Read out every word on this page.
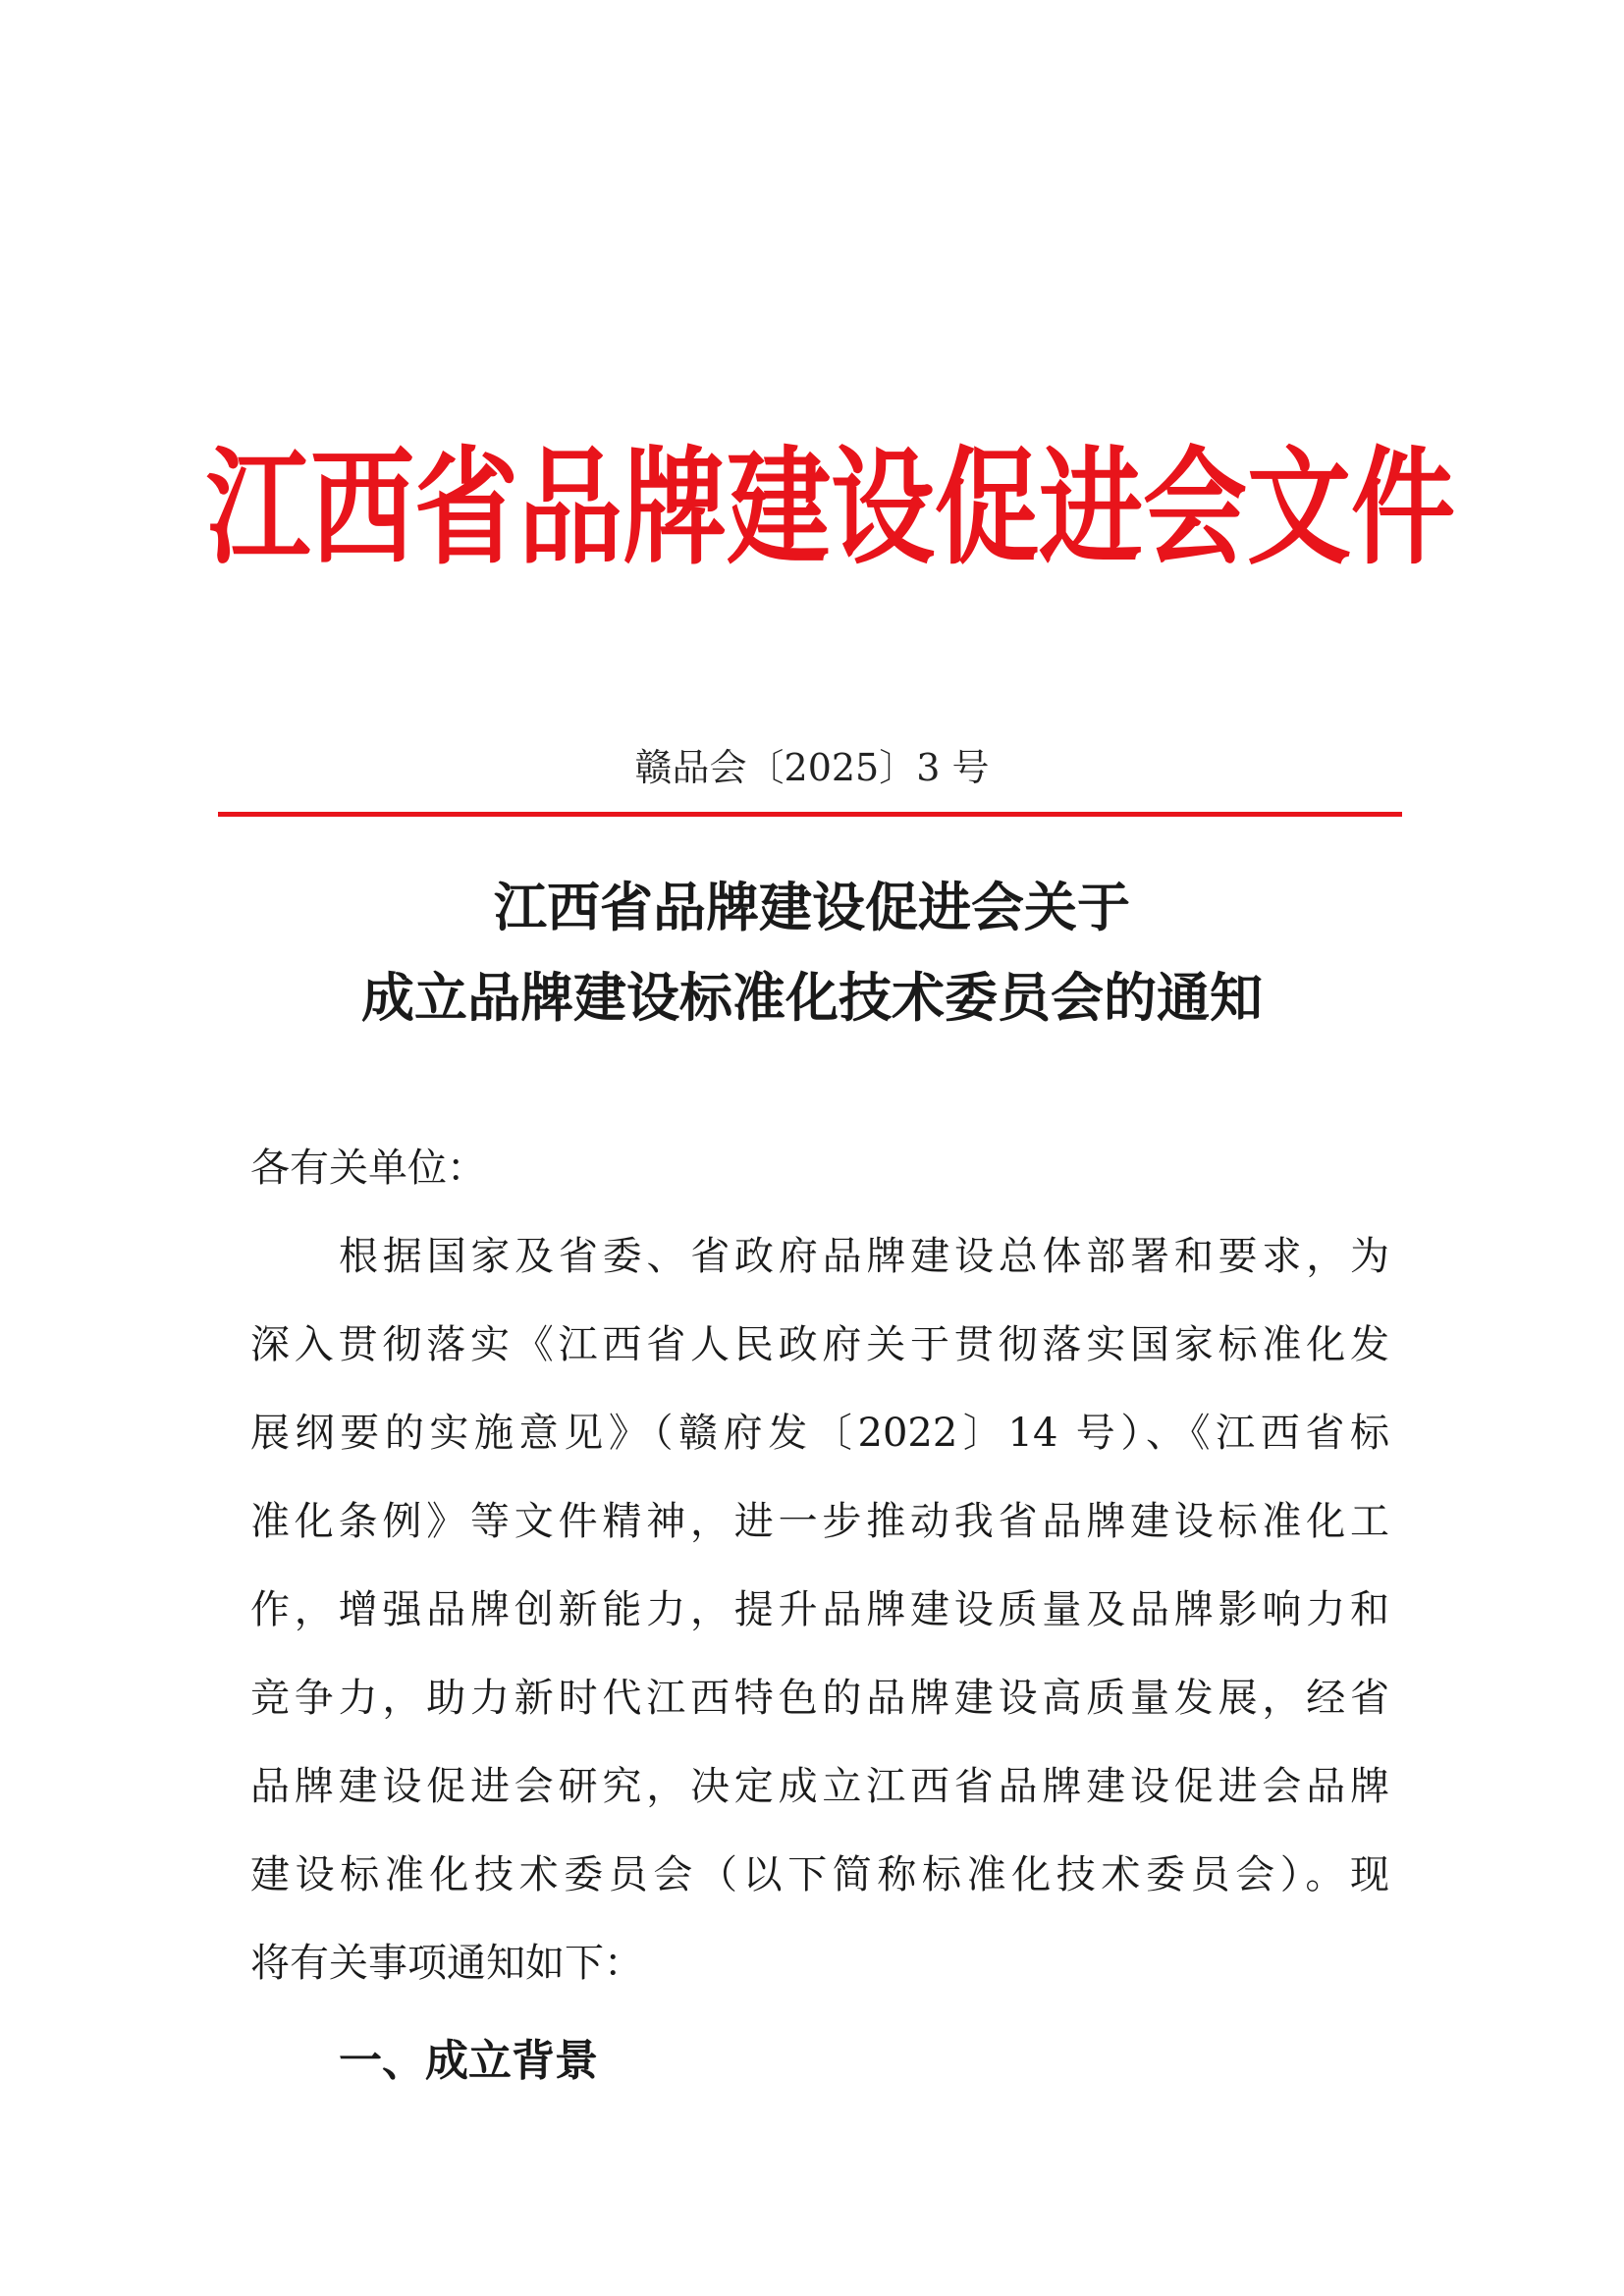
江西省品牌建设促进会文件
赣品会〔2025〕3 号
江西省品牌建设促进会关于
成立品牌建设标准化技术委员会的通知
各有关单位：
根据国家及省委、省政府品牌建设总体部署和要求，为
深入贯彻落实《江西省人民政府关于贯彻落实国家标准化发
展纲要的实施意见》（赣府发〔2022〕14 号）、《江西省标
准化条例》等文件精神，进一步推动我省品牌建设标准化工
作，增强品牌创新能力，提升品牌建设质量及品牌影响力和
竞争力，助力新时代江西特色的品牌建设高质量发展，经省
品牌建设促进会研究，决定成立江西省品牌建设促进会品牌
建设标准化技术委员会（以下简称标准化技术委员会）。现
将有关事项通知如下：
一、成立背景
